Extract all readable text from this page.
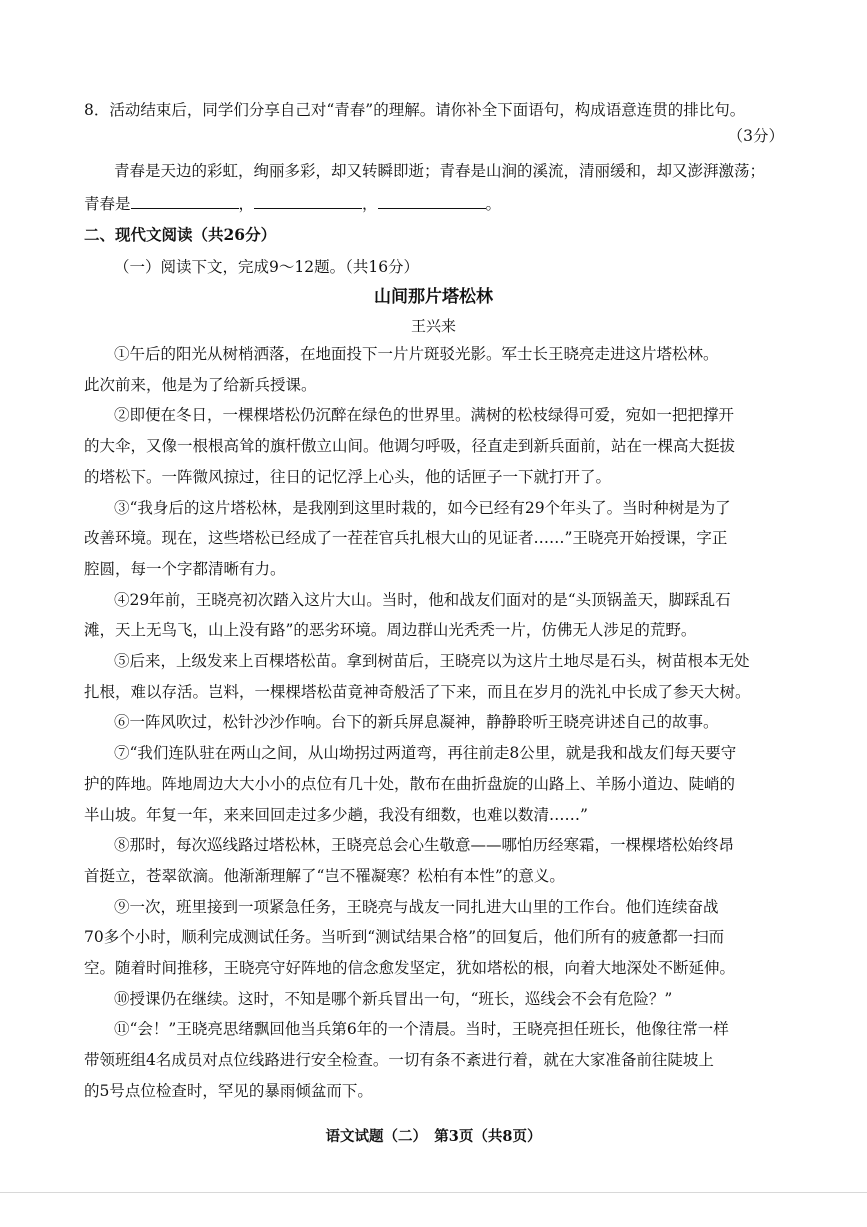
8．活动结束后，同学们分享自己对“青春”的理解。请你补全下面语句，构成语意连贯的排比句。
（3分）
青春是天边的彩虹，绚丽多彩，却又转瞬即逝；青春是山涧的溪流，清丽缓和，却又澎湃激荡；
青春是	，	，	。
二、现代文阅读（共26分）
（一）阅读下文，完成9～12题。（共16分）
山间那片塔松林
王兴来
①午后的阳光从树梢洒落，在地面投下一片片斑驳光影。军士长王晓亮走进这片塔松林。
此次前来，他是为了给新兵授课。
②即便在冬日，一棵棵塔松仍沉醉在绿色的世界里。满树的松枝绿得可爱，宛如一把把撑开
的大伞，又像一根根高耸的旗杆傲立山间。他调匀呼吸，径直走到新兵面前，站在一棵高大挺拔
的塔松下。一阵微风掠过，往日的记忆浮上心头，他的话匣子一下就打开了。
③“我身后的这片塔松林，是我刚到这里时栽的，如今已经有29个年头了。当时种树是为了
改善环境。现在，这些塔松已经成了一茬茬官兵扎根大山的见证者……”王晓亮开始授课，字正
腔圆，每一个字都清晰有力。
④29年前，王晓亮初次踏入这片大山。当时，他和战友们面对的是“头顶锅盖天，脚踩乱石
滩，天上无鸟飞，山上没有路”的恶劣环境。周边群山光秃秃一片，仿佛无人涉足的荒野。
⑤后来，上级发来上百棵塔松苗。拿到树苗后，王晓亮以为这片土地尽是石头，树苗根本无处
扎根，难以存活。岂料，一棵棵塔松苗竟神奇般活了下来，而且在岁月的洗礼中长成了参天大树。
⑥一阵风吹过，松针沙沙作响。台下的新兵屏息凝神，静静聆听王晓亮讲述自己的故事。
⑦“我们连队驻在两山之间，从山坳拐过两道弯，再往前走8公里，就是我和战友们每天要守
护的阵地。阵地周边大大小小的点位有几十处，散布在曲折盘旋的山路上、羊肠小道边、陡峭的
半山坡。年复一年，来来回回走过多少趟，我没有细数，也难以数清……”
⑧那时，每次巡线路过塔松林，王晓亮总会心生敬意——哪怕历经寒霜，一棵棵塔松始终昂
首挺立，苍翠欲滴。他渐渐理解了“岂不罹凝寒？松柏有本性”的意义。
⑨一次，班里接到一项紧急任务，王晓亮与战友一同扎进大山里的工作台。他们连续奋战
70多个小时，顺利完成测试任务。当听到“测试结果合格”的回复后，他们所有的疲惫都一扫而
空。随着时间推移，王晓亮守好阵地的信念愈发坚定，犹如塔松的根，向着大地深处不断延伸。
⑩授课仍在继续。这时，不知是哪个新兵冒出一句，“班长，巡线会不会有危险？”
⑪“会！”王晓亮思绪飘回他当兵第6年的一个清晨。当时，王晓亮担任班长，他像往常一样
带领班组4名成员对点位线路进行安全检查。一切有条不紊进行着，就在大家准备前往陡坡上
的5号点位检查时，罕见的暴雨倾盆而下。
语文试题（二）　第3页（共8页）
